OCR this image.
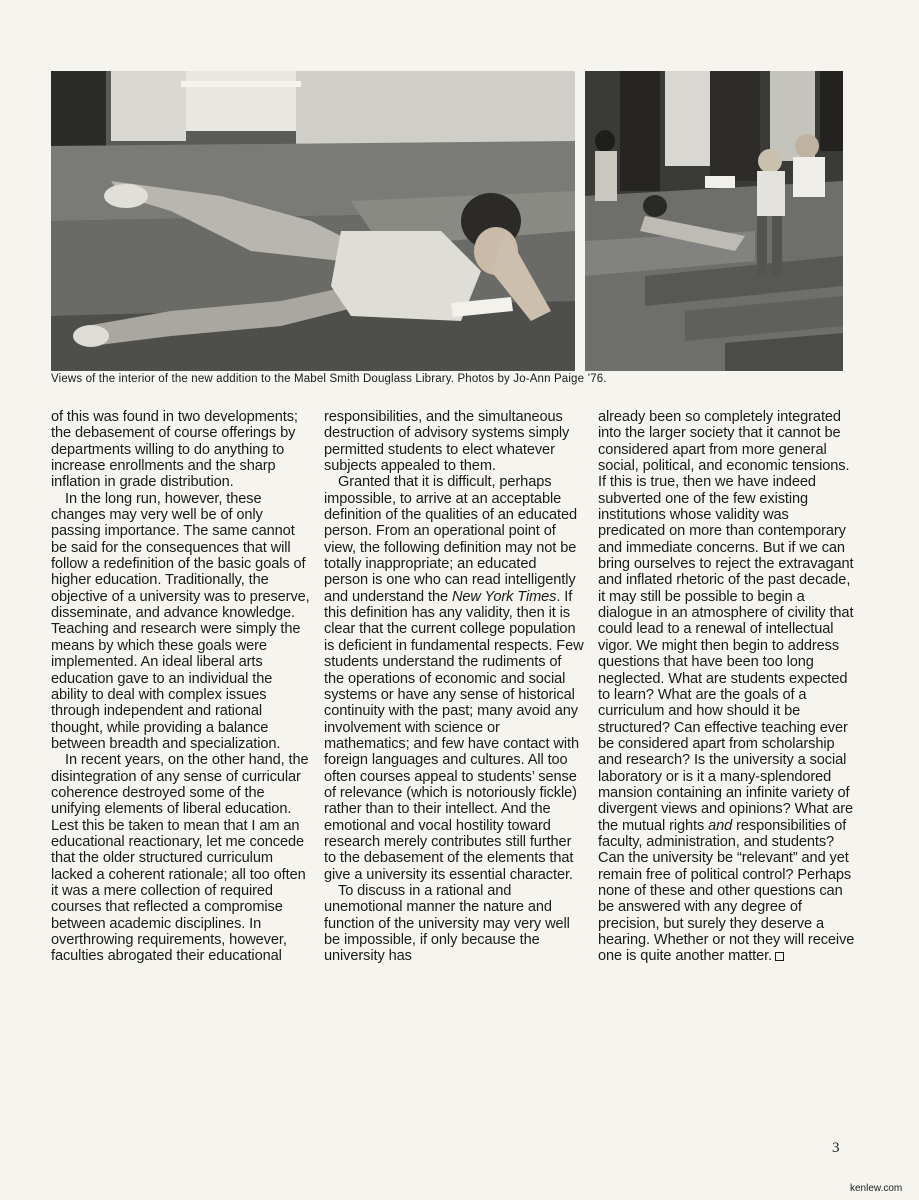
Views of the interior of the new addition to the Mabel Smith Douglass Library. Photos by Jo-Ann Paige ’76.

of this was found in two developments; the debasement of course offerings by departments willing to do anything to increase enrollments and the sharp inflation in grade distribution.

In the long run, however, these changes may very well be of only passing importance. The same cannot be said for the consequences that will follow a redefinition of the basic goals of higher education. Traditionally, the objective of a university was to preserve, disseminate, and advance knowledge. Teaching and research were simply the means by which these goals were implemented. An ideal liberal arts education gave to an individual the ability to deal with complex issues through independent and rational thought, while providing a balance between breadth and specialization.

In recent years, on the other hand, the disintegration of any sense of curricular coherence destroyed some of the unifying elements of liberal education. Lest this be taken to mean that I am an educational reactionary, let me concede that the older structured curriculum lacked a coherent rationale; all too often it was a mere collection of required courses that reflected a compromise between academic disciplines. In overthrowing requirements, however, faculties abrogated their educational

responsibilities, and the simultaneous destruction of advisory systems simply permitted students to elect whatever subjects appealed to them.

Granted that it is difficult, perhaps impossible, to arrive at an acceptable definition of the qualities of an educated person. From an operational point of view, the following definition may not be totally inappropriate; an educated person is one who can read intelligently and understand the New York Times. If this definition has any validity, then it is clear that the current college population is deficient in fundamental respects. Few students understand the rudiments of the operations of economic and social systems or have any sense of historical continuity with the past; many avoid any involvement with science or mathematics; and few have contact with foreign languages and cultures. All too often courses appeal to students’ sense of relevance (which is notoriously fickle) rather than to their intellect. And the emotional and vocal hostility toward research merely contributes still further to the debasement of the elements that give a university its essential character.

To discuss in a rational and unemotional manner the nature and function of the university may very well be impossible, if only because the university has

already been so completely integrated into the larger society that it cannot be considered apart from more general social, political, and economic tensions. If this is true, then we have indeed subverted one of the few existing institutions whose validity was predicated on more than contemporary and immediate concerns. But if we can bring ourselves to reject the extravagant and inflated rhetoric of the past decade, it may still be possible to begin a dialogue in an atmosphere of civility that could lead to a renewal of intellectual vigor. We might then begin to address questions that have been too long neglected. What are students expected to learn? What are the goals of a curriculum and how should it be structured? Can effective teaching ever be considered apart from scholarship and research? Is the university a social laboratory or is it a many-splendored mansion containing an infinite variety of divergent views and opinions? What are the mutual rights and responsibilities of faculty, administration, and students? Can the university be “relevant” and yet remain free of political control? Perhaps none of these and other questions can be answered with any degree of precision, but surely they deserve a hearing. Whether or not they will receive one is quite another matter.

3
kenlew.com
